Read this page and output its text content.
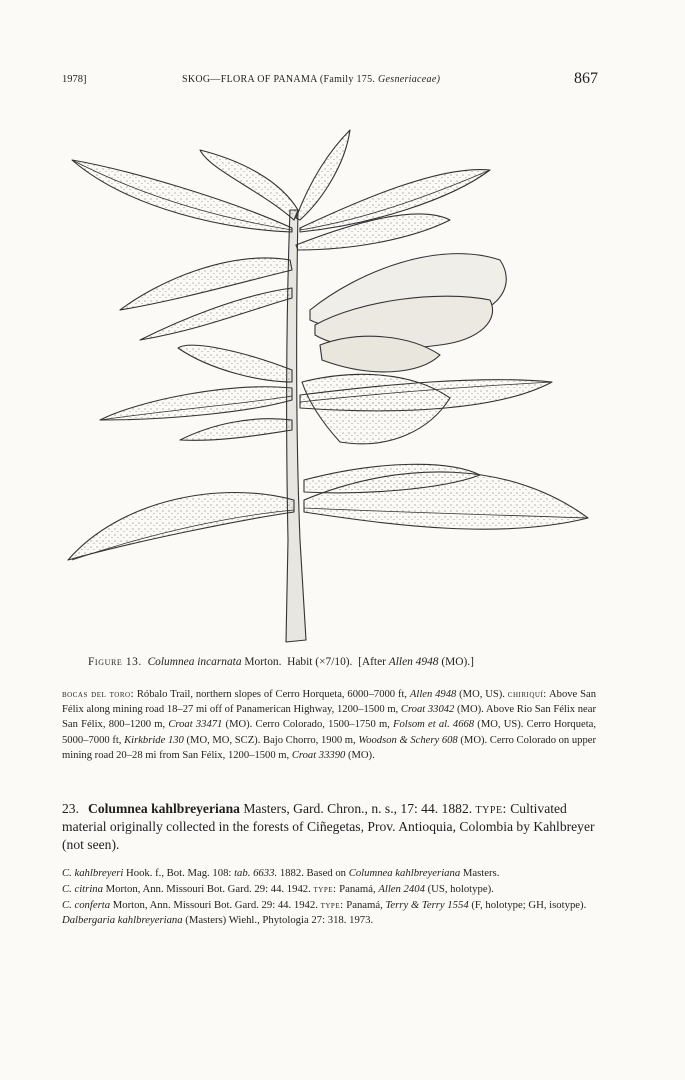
1978]	SKOG—FLORA OF PANAMA (Family 175. Gesneriaceae)	867
Figure 13. Columnea incarnata Morton. Habit (×7/10). [After Allen 4948 (MO).]
bocas del toro: Róbalo Trail, northern slopes of Cerro Horqueta, 6000–7000 ft, Allen 4948 (MO, US). chiriquí: Above San Félix along mining road 18–27 mi off of Panamerican Highway, 1200–1500 m, Croat 33042 (MO). Above Rio San Félix near San Félix, 800–1200 m, Croat 33471 (MO). Cerro Colorado, 1500–1750 m, Folsom et al. 4668 (MO, US). Cerro Horqueta, 5000–7000 ft, Kirkbride 130 (MO, MO, SCZ). Bajo Chorro, 1900 m, Woodson & Schery 608 (MO). Cerro Colorado on upper mining road 20–28 mi from San Félix, 1200–1500 m, Croat 33390 (MO).
23. Columnea kahlbreyeriana Masters, Gard. Chron., n. s., 17: 44. 1882. type: Cultivated material originally collected in the forests of Ciñegetas, Prov. Antioquia, Colombia by Kahlbreyer (not seen).
C. kahlbreyeri Hook. f., Bot. Mag. 108: tab. 6633. 1882. Based on Columnea kahlbreyeriana Masters.
C. citrina Morton, Ann. Missouri Bot. Gard. 29: 44. 1942. type: Panamá, Allen 2404 (US, holotype).
C. conferta Morton, Ann. Missouri Bot. Gard. 29: 44. 1942. type: Panamá, Terry & Terry 1554 (F, holotype; GH, isotype).
Dalbergaria kahlbreyeriana (Masters) Wiehl., Phytologia 27: 318. 1973.
